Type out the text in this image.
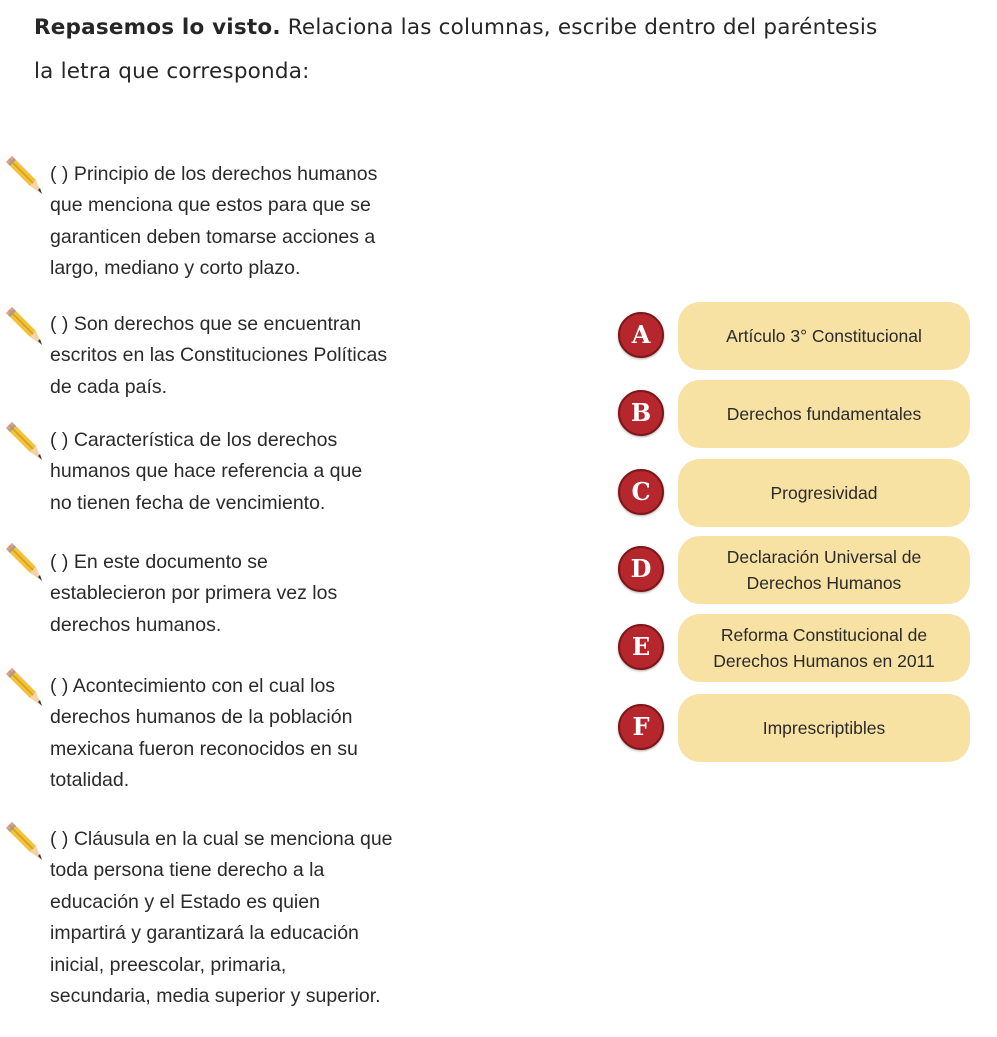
Repasemos lo visto. Relaciona las columnas, escribe dentro del paréntesis
la letra que corresponda:
( ) Principio de los derechos humanos
que menciona que estos para que se
garanticen deben tomarse acciones a
largo, mediano y corto plazo.
( ) Son derechos que se encuentran
escritos en las Constituciones Políticas
de cada país.
( ) Característica de los derechos
humanos que hace referencia a que
no tienen fecha de vencimiento.
( ) En este documento se
establecieron por primera vez los
derechos humanos.
( ) Acontecimiento con el cual los
derechos humanos de la población
mexicana fueron reconocidos en su
totalidad.
( ) Cláusula en la cual se menciona que
toda persona tiene derecho a la
educación y el Estado es quien
impartirá y garantizará la educación
inicial, preescolar, primaria,
secundaria, media superior y superior.
A	Artículo 3° Constitucional
B	Derechos fundamentales
C	Progresividad
D	Declaración Universal de
Derechos Humanos
E	Reforma Constitucional de
Derechos Humanos en 2011
F	Imprescriptibles
